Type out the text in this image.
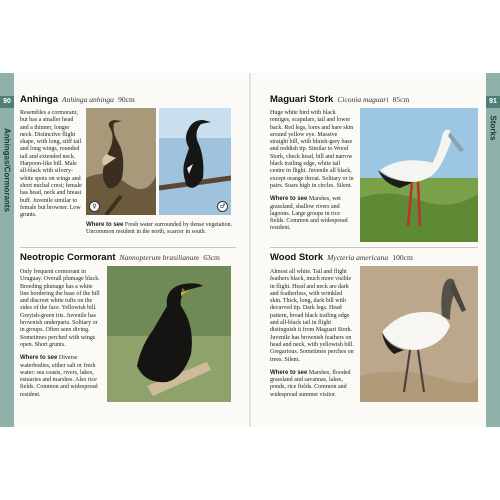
90
Anhingas/Cormorants
91
Storks
Anhinga Anhinga anhinga 90cm

Resembles a cormorant, but has a smaller head and a thinner, longer neck. Distinctive flight shape, with long, stiff tail and long wings, rounded tail and extended neck. Harpoon-like bill. Male all-black with silvery-white spots on wings and short nuchal crest; female has head, neck and breast buff. Juvenile similar to female but browner. Low grunts.

♀	♂

Where to see Fresh water surrounded by dense vegetation. Uncommon resident in the north, scarcer in south.

Neotropic Cormorant Nannopterum brasilianum 63cm

Only frequent cormorant in Uruguay. Overall plumage black. Breeding plumage has a white line bordering the base of the bill and discreet white tufts on the sides of the face. Yellowish bill. Greyish-green iris. Juvenile has brownish underparts. Solitary or in groups. Often seen diving. Sometimes perched with wings open. Short grunts.

Where to see Diverse waterbodies, either salt or fresh water: sea coasts, rivers, lakes, estuaries and marshes. Also rice fields. Common and widespread resident.

Maguari Stork Ciconia maguari 85cm

Huge white bird with black remiges, scapulars, tail and lower back. Red legs, lores and bare skin around yellow eye. Massive straight bill, with bluish-grey base and reddish tip. Similar to Wood Stork, check head, bill and narrow black trailing edge, white tail centre in flight. Juvenile all black, except orange throat. Solitary or in pairs. Soars high in circles. Silent.

Where to see Marshes, wet grassland, shallow rivers and lagoons. Large groups in rice fields. Common and widespread resident.

Wood Stork Mycteria americana 100cm

Almost all white. Tail and flight feathers black, much more visible in flight. Head and neck are dark and featherless, with wrinkled skin. Thick, long, dark bill with decurved tip. Dark legs. Head pattern, broad black trailing edge and all-black tail in flight distinguish it from Maguari Stork. Juvenile has brownish feathers on head and neck, with yellowish bill. Gregarious. Sometimes perches on trees. Silent.

Where to see Marshes, flooded grassland and savannas, lakes, ponds, rice fields. Common and widespread summer visitor.
